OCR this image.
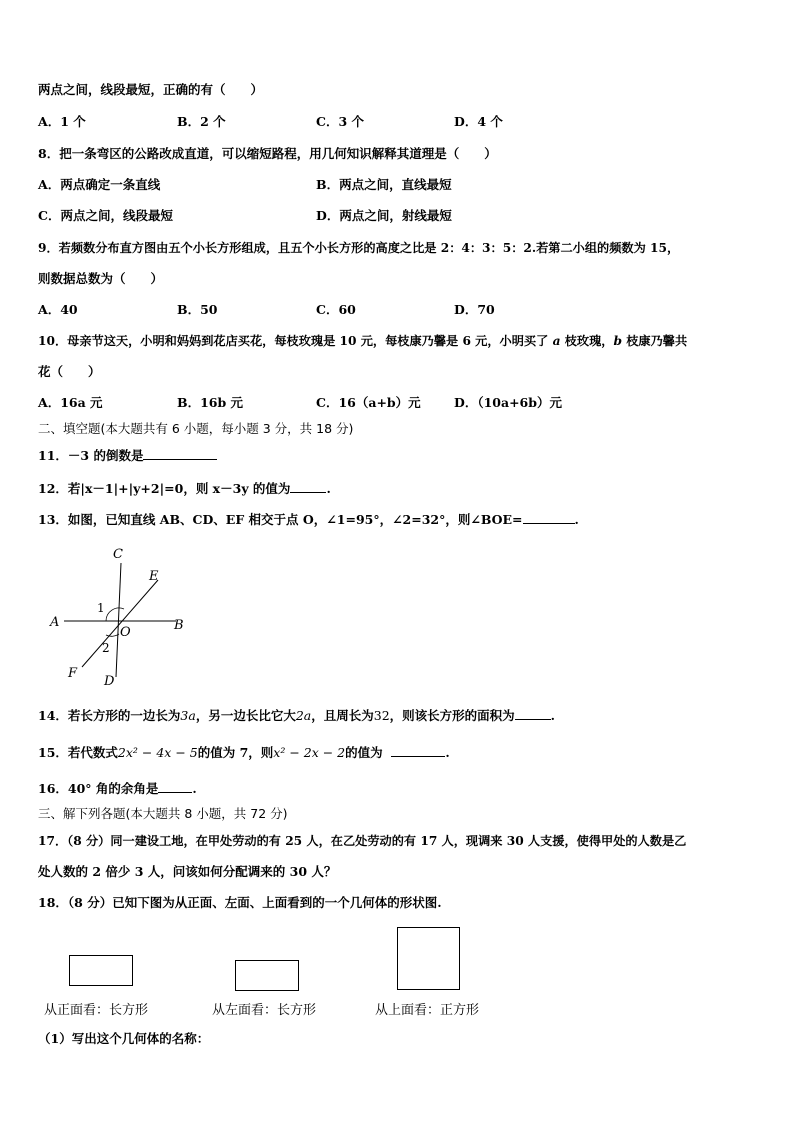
两点之间，线段最短，正确的有（　　）
A．1 个	B．2 个	C．3 个	D．4 个
8．把一条弯区的公路改成直道，可以缩短路程，用几何知识解释其道理是（　　）
A．两点确定一条直线	B．两点之间，直线最短
C．两点之间，线段最短	D．两点之间，射线最短
9．若频数分布直方图由五个小长方形组成，且五个小长方形的高度之比是 2：4：3：5：2.若第二小组的频数为 15，
则数据总数为（　　）
A．40	B．50	C．60	D．70
10．母亲节这天，小明和妈妈到花店买花，每枝玫瑰是 10 元，每枝康乃馨是 6 元，小明买了 a 枝玫瑰，b 枝康乃馨共
花（　　）
A．16a 元	B．16b 元	C．16（a+b）元	D．（10a+6b）元
二、填空题(本大题共有 6 小题，每小题 3 分，共 18 分)
11．－3 的倒数是
12．若|x－1|+|y+2|=0，则 x－3y 的值为	.
13．如图，已知直线 AB、CD、EF 相交于点 O，∠1=95°，∠2=32°，则∠BOE=	.
C
E
1
A
O	B
2
F
D
14．若长方形的一边长为3a，另一边长比它大2a，且周长为32，则该长方形的面积为	.
15．若代数式2x² − 4x − 5的值为 7，则x² − 2x − 2的值为	.
16．40° 角的余角是	.
三、解下列各题(本大题共 8 小题，共 72 分)
17．（8 分）同一建设工地，在甲处劳动的有 25 人，在乙处劳动的有 17 人，现调来 30 人支援，使得甲处的人数是乙
处人数的 2 倍少 3 人，问该如何分配调来的 30 人？
18．（8 分）已知下图为从正面、左面、上面看到的一个几何体的形状图.
从正面看：长方形	从左面看：长方形	从上面看：正方形
（1）写出这个几何体的名称：
